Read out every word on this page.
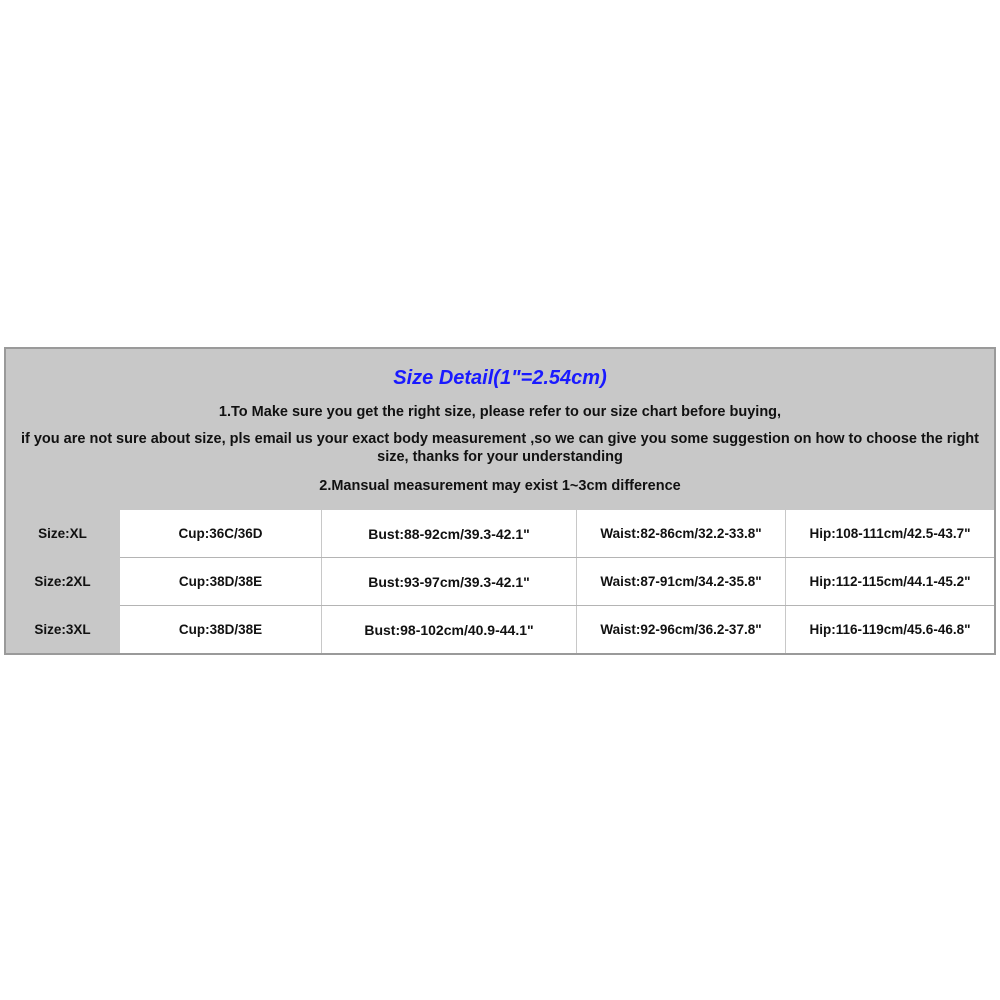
Size Detail(1"=2.54cm)
1.To Make sure you get the right size, please refer to our size chart before buying,
if you are not sure about size, pls email us your exact body measurement ,so we can give you some suggestion on how to choose the right size, thanks for your understanding
2.Mansual measurement may exist 1~3cm difference
Size:XL	Cup:36C/36D	Bust:88-92cm/39.3-42.1"	Waist:82-86cm/32.2-33.8"	Hip:108-111cm/42.5-43.7"
Size:2XL	Cup:38D/38E	Bust:93-97cm/39.3-42.1"	Waist:87-91cm/34.2-35.8"	Hip:112-115cm/44.1-45.2"
Size:3XL	Cup:38D/38E	Bust:98-102cm/40.9-44.1"	Waist:92-96cm/36.2-37.8"	Hip:116-119cm/45.6-46.8"
